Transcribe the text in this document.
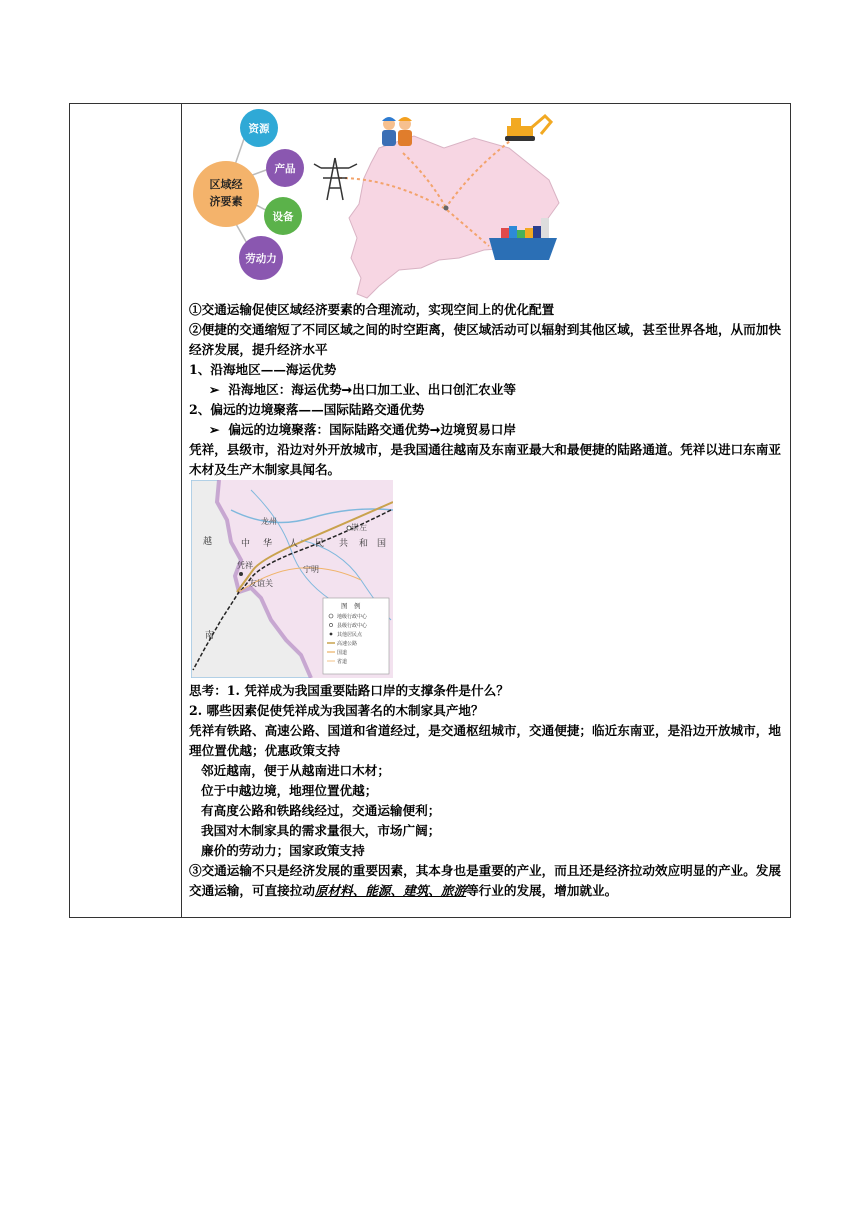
区域经
济要素
资源
产品
设备
劳动力

①交通运输促使区域经济要素的合理流动，实现空间上的优化配置

②便捷的交通缩短了不同区域之间的时空距离，使区域活动可以辐射到其他区域，甚至世界各地，从而加快经济发展，提升经济水平

1、沿海地区——海运优势

➢  沿海地区：海运优势➞出口加工业、出口创汇农业等

2、偏远的边境聚落——国际陆路交通优势

➢  偏远的边境聚落：国际陆路交通优势➞边境贸易口岸

凭祥，县级市，沿边对外开放城市，是我国通往越南及东南亚最大和最便捷的陆路通道。凭祥以进口东南亚木材及生产木制家具闻名。

龙州
崇左
中 华 人 民 共 和 国
越
南
凭祥
友谊关
宁明
图　例
地级行政中心
县级行政中心
其他居民点
高速公路
国道
省道

思考：1. 凭祥成为我国重要陆路口岸的支撑条件是什么？

2. 哪些因素促使凭祥成为我国著名的木制家具产地？

凭祥有铁路、高速公路、国道和省道经过，是交通枢纽城市，交通便捷；临近东南亚，是沿边开放城市，地理位置优越；优惠政策支持

邻近越南，便于从越南进口木材；

位于中越边境，地理位置优越；

有高度公路和铁路线经过，交通运输便利；

我国对木制家具的需求量很大，市场广阔；

廉价的劳动力；国家政策支持

③交通运输不只是经济发展的重要因素，其本身也是重要的产业，而且还是经济拉动效应明显的产业。发展交通运输，可直接拉动原材料、能源、建筑、旅游等行业的发展，增加就业。
